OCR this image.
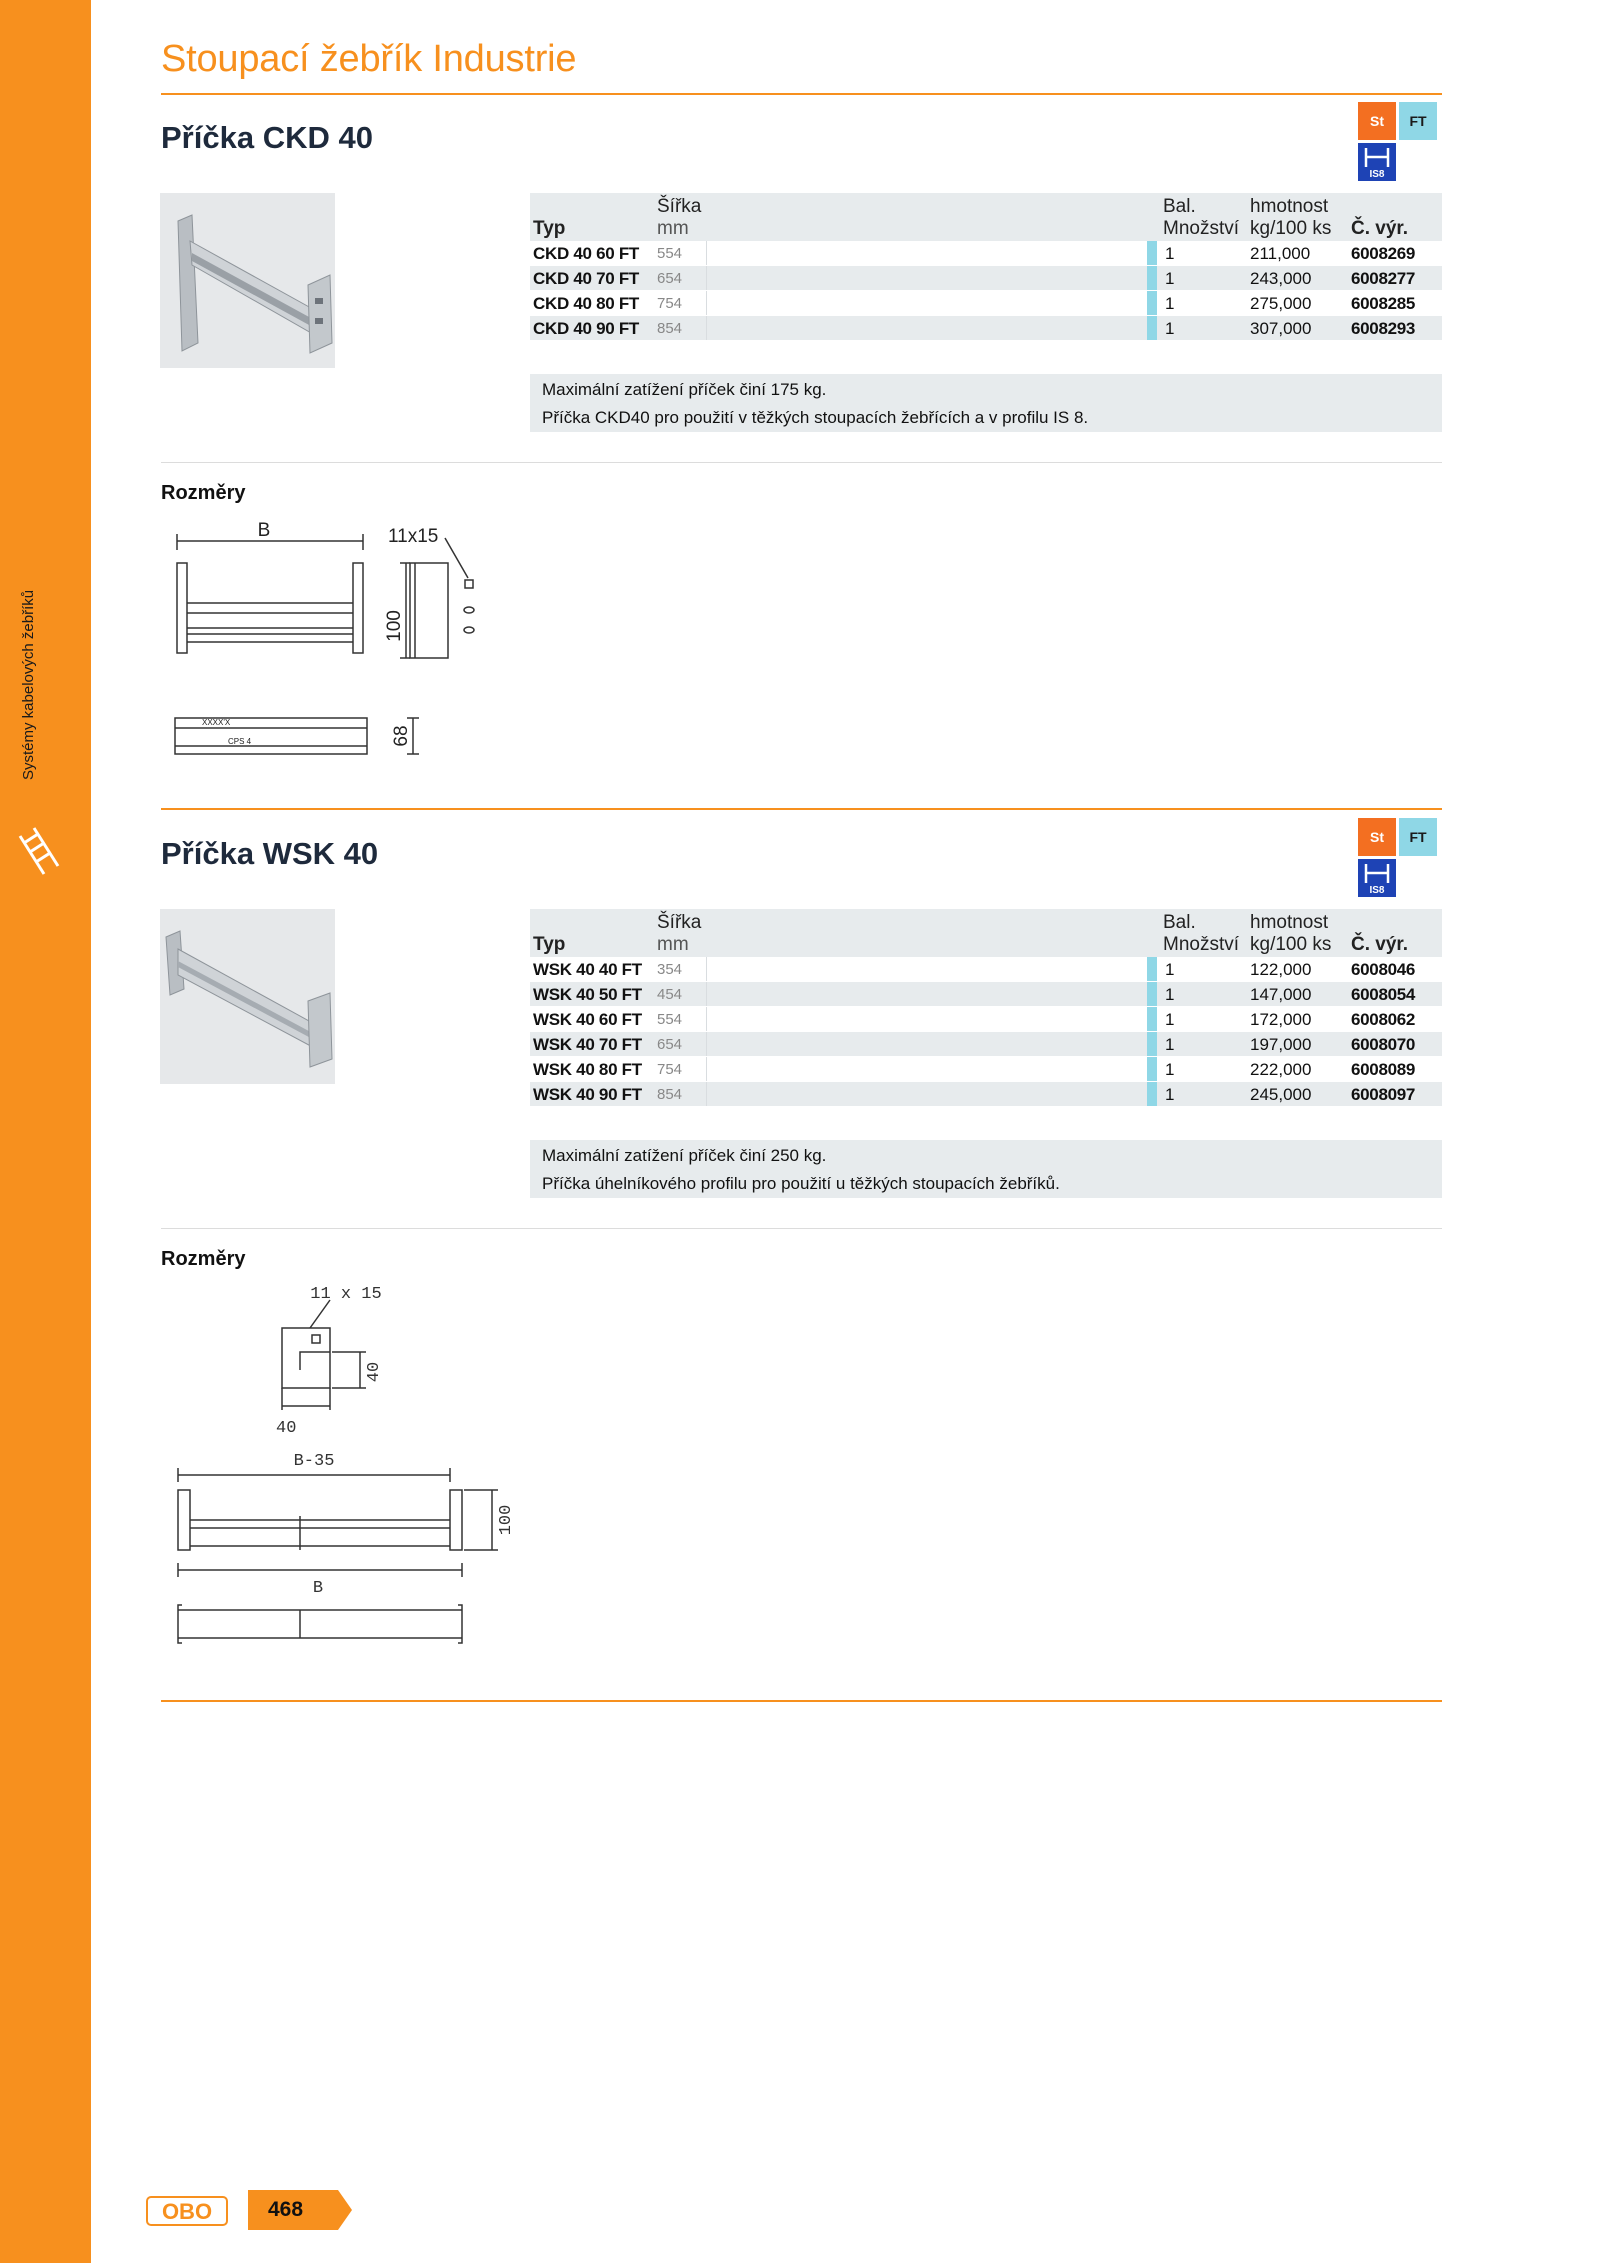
Systémy kabelových žebříků
Stoupací žebřík Industrie
Příčka CKD 40	St	FT
IS8
Šířka
mm
Typ
Bal.
Množství
hmotnost
kg/100 ks Č. výr.
CKD 40 60 FT 554	1	211,000 6008269
CKD 40 70 FT 654	1	243,000 6008277
CKD 40 80 FT 754	1	275,000 6008285
CKD 40 90 FT 854	1	307,000 6008293
Maximální zatížení příček činí 175 kg.
Příčka CKD40 pro použití v těžkých stoupacích žebřících a v profilu IS 8.
Rozměry
B	11x15
100
68
XXXX'X
CPS 4
Příčka WSK 40	St	FT
IS8
Šířka
mm
Typ
Bal.
Množství
hmotnost
kg/100 ks Č. výr.
WSK 40 40 FT 354	1	122,000 6008046
WSK 40 50 FT 454	1	147,000 6008054
WSK 40 60 FT 554	1	172,000 6008062
WSK 40 70 FT 654	1	197,000 6008070
WSK 40 80 FT 754	1	222,000 6008089
WSK 40 90 FT 854	1	245,000 6008097
Maximální zatížení příček činí 250 kg.
Příčka úhelníkového profilu pro použití u těžkých stoupacích žebříků.
Rozměry
11 x 15
40
40
B-35
100
B
OBO	468
